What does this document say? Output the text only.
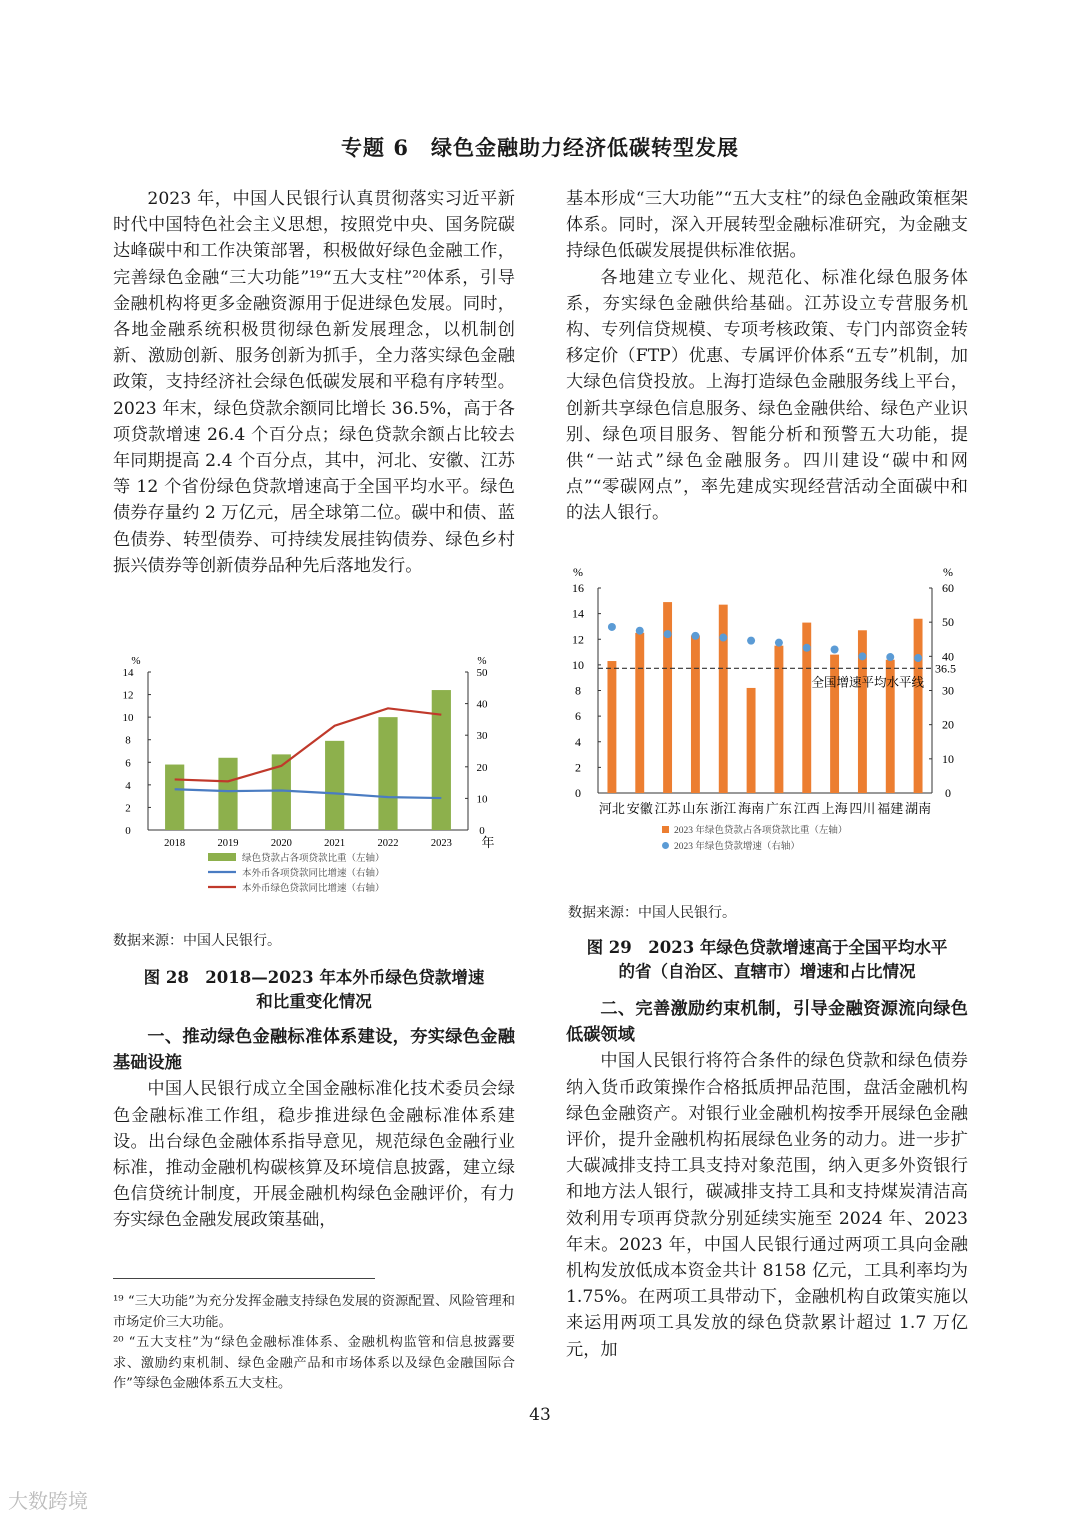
专题 6　绿色金融助力经济低碳转型发展

2023 年，中国人民银行认真贯彻落实习近平新时代中国特色社会主义思想，按照党中央、国务院碳达峰碳中和工作决策部署，积极做好绿色金融工作，完善绿色金融“三大功能”¹⁹“五大支柱”²⁰体系，引导金融机构将更多金融资源用于促进绿色发展。同时，各地金融系统积极贯彻绿色新发展理念，以机制创新、激励创新、服务创新为抓手，全力落实绿色金融政策，支持经济社会绿色低碳发展和平稳有序转型。2023 年末，绿色贷款余额同比增长 36.5%，高于各项贷款增速 26.4 个百分点；绿色贷款余额占比较去年同期提高 2.4 个百分点，其中，河北、安徽、江苏等 12 个省份绿色贷款增速高于全国平均水平。绿色债券存量约 2 万亿元，居全球第二位。碳中和债、蓝色债券、转型债券、可持续发展挂钩债券、绿色乡村振兴债券等创新债券品种先后落地发行。

%	%
0
2
4
6
8
10
12
14
0
10
20
30
40
50
2018	2019	2020	2021	2022	2023 年
绿色贷款占各项贷款比重（左轴）
本外币各项贷款同比增速（右轴）
本外币绿色贷款同比增速（右轴）
数据来源：中国人民银行。
图 28　2018—2023 年本外币绿色贷款增速
和比重变化情况

一、推动绿色金融标准体系建设，夯实绿色金融基础设施

中国人民银行成立全国金融标准化技术委员会绿色金融标准工作组，稳步推进绿色金融标准体系建设。出台绿色金融体系指导意见，规范绿色金融行业标准，推动金融机构碳核算及环境信息披露，建立绿色信贷统计制度，开展金融机构绿色金融评价，有力夯实绿色金融发展政策基础，

¹⁹ “三大功能”为充分发挥金融支持绿色发展的资源配置、风险管理和市场定价三大功能。

²⁰ “五大支柱”为“绿色金融标准体系、金融机构监管和信息披露要求、激励约束机制、绿色金融产品和市场体系以及绿色金融国际合作”等绿色金融体系五大支柱。

基本形成“三大功能”“五大支柱”的绿色金融政策框架体系。同时，深入开展转型金融标准研究，为金融支持绿色低碳发展提供标准依据。

各地建立专业化、规范化、标准化绿色服务体系，夯实绿色金融供给基础。江苏设立专营服务机构、专列信贷规模、专项考核政策、专门内部资金转移定价（FTP）优惠、专属评价体系“五专”机制，加大绿色信贷投放。上海打造绿色金融服务线上平台，创新共享绿色信息服务、绿色金融供给、绿色产业识别、绿色项目服务、智能分析和预警五大功能，提供“一站式”绿色金融服务。四川建设“碳中和网点”“零碳网点”，率先建成实现经营活动全面碳中和的法人银行。

%	%
0
2
4
6
8
10
12
14
16
0
10
20
30
40
50
60
全国增速平均水平线
36.5
河北 安徽 江苏 山东 浙江 海南 广东 江西 上海 四川 福建 湖南
2023 年绿色贷款占各项贷款比重（左轴）
2023 年绿色贷款增速（右轴）
数据来源：中国人民银行。
图 29　2023 年绿色贷款增速高于全国平均水平
的省（自治区、直辖市）增速和占比情况

二、完善激励约束机制，引导金融资源流向绿色低碳领域

中国人民银行将符合条件的绿色贷款和绿色债券纳入货币政策操作合格抵质押品范围，盘活金融机构绿色金融资产。对银行业金融机构按季开展绿色金融评价，提升金融机构拓展绿色业务的动力。进一步扩大碳减排支持工具支持对象范围，纳入更多外资银行和地方法人银行，碳减排支持工具和支持煤炭清洁高效利用专项再贷款分别延续实施至 2024 年、2023 年末。2023 年，中国人民银行通过两项工具向金融机构发放低成本资金共计 8158 亿元，工具利率均为 1.75%。在两项工具带动下，金融机构自政策实施以来运用两项工具发放的绿色贷款累计超过 1.7 万亿元，加

43
大数跨境
